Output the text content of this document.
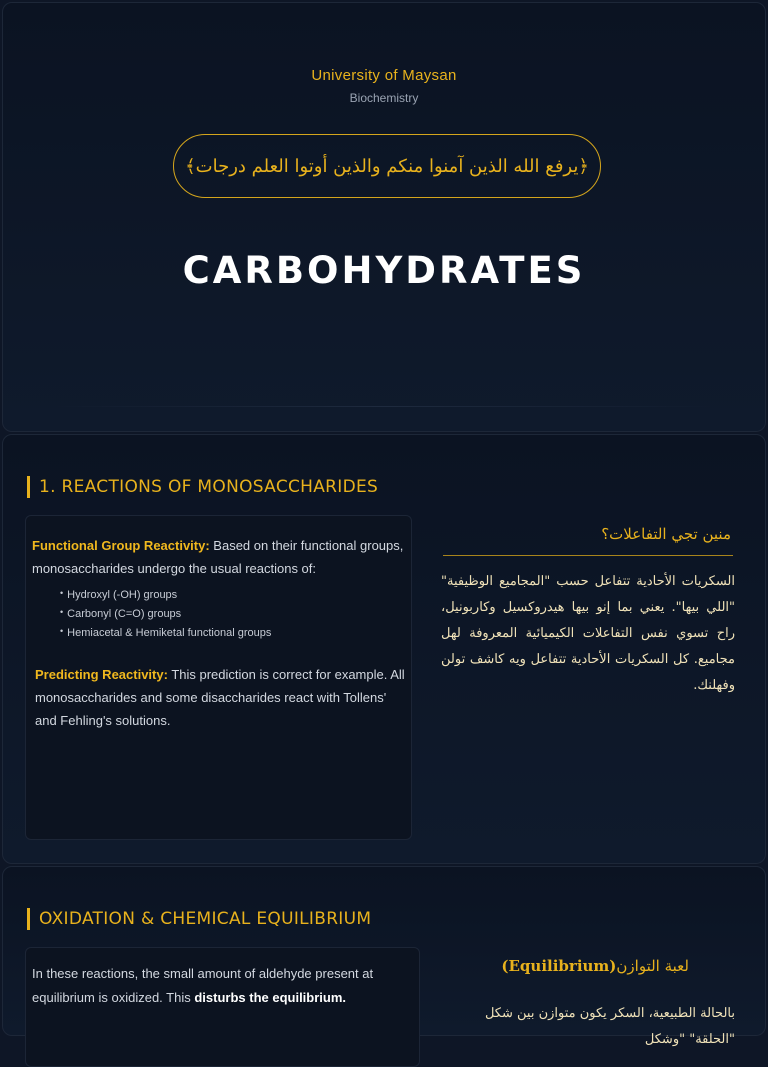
University of Maysan
Biochemistry
﴿يرفع الله الذين آمنوا منكم والذين أوتوا العلم درجات﴾
CARBOHYDRATES
1. REACTIONS OF MONOSACCHARIDES

Functional Group Reactivity: Based on their functional groups, monosaccharides undergo the usual reactions of:

• Hydroxyl (-OH) groups
• Carbonyl (C=O) groups
• Hemiacetal & Hemiketal functional groups

Predicting Reactivity: This prediction is correct for example. All monosaccharides and some disaccharides react with Tollens' and Fehling's solutions.

منين تجي التفاعلات؟
السكريات الأحادية تتفاعل حسب "المجاميع الوظيفية" "اللي بيها". يعني بما إنو بيها هيدروكسيل وكاربونيل، راح تسوي نفس التفاعلات الكيميائية المعروفة لهل مجاميع. كل السكريات الأحادية تتفاعل ويه كاشف تولن وفهلنك.
OXIDATION & CHEMICAL EQUILIBRIUM
In these reactions, the small amount of aldehyde present at equilibrium is oxidized. This disturbs the equilibrium.
لعبة التوازن(Equilibrium)
بالحالة الطبيعية، السكر يكون متوازن بين شكل "الحلقة" "وشكل
